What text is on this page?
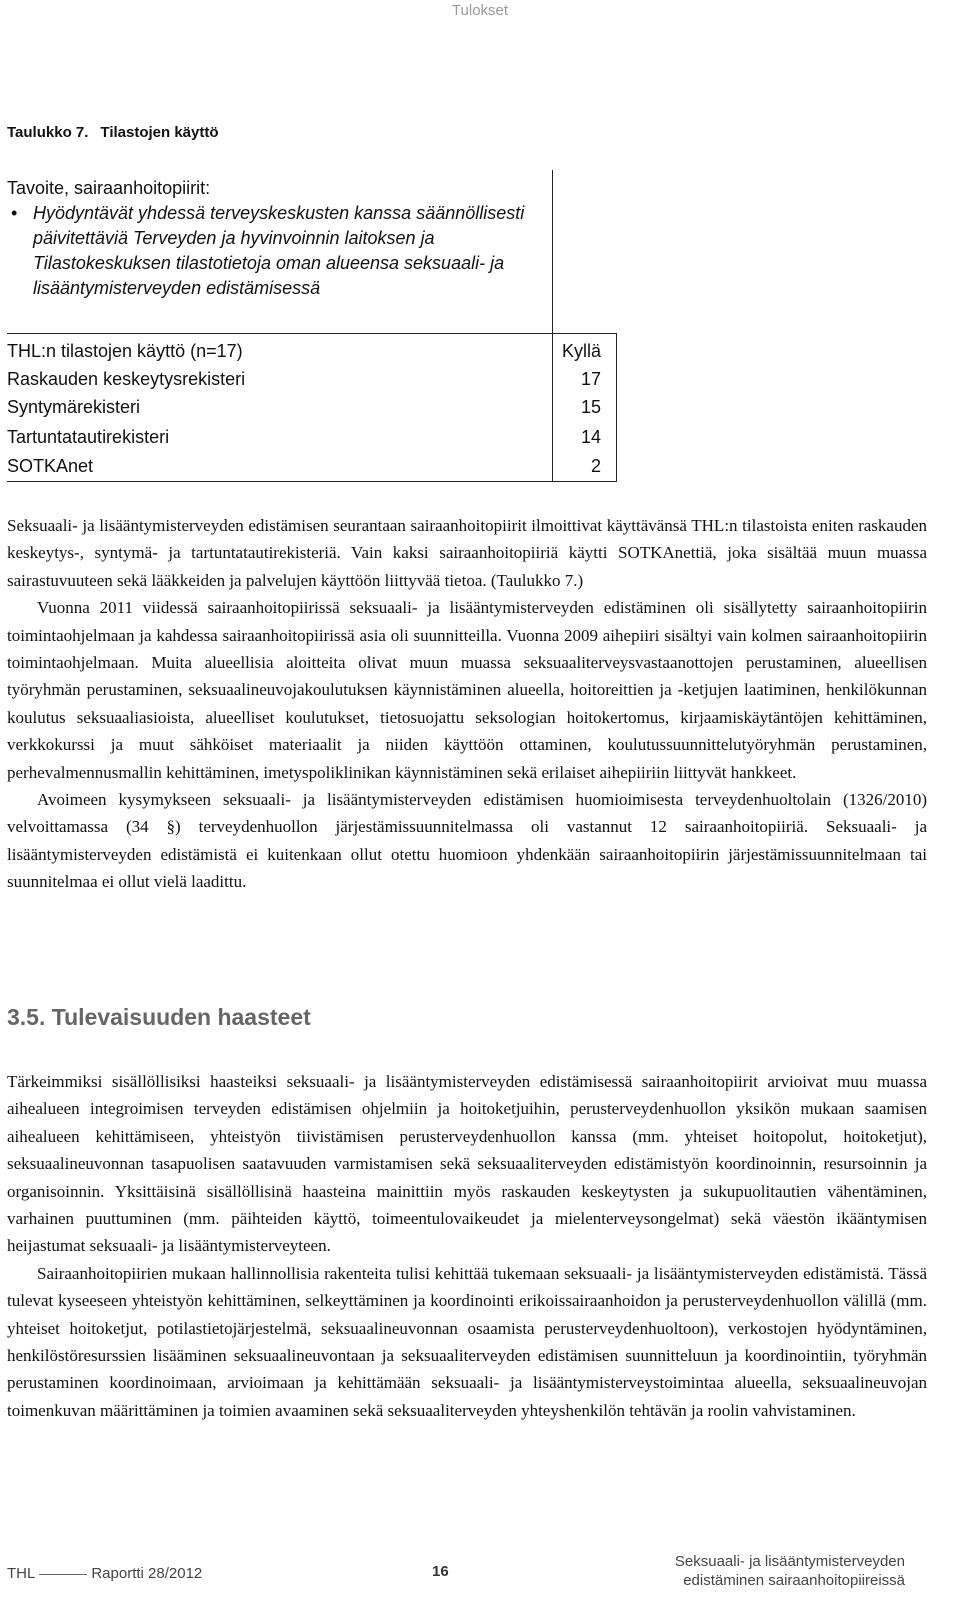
Tulokset
Taulukko 7. Tilastojen käyttö
Tavoite, sairaanhoitopiirit:
• Hyödyntävät yhdessä terveyskeskusten kanssa säännöllisesti päivitettäviä Terveyden ja hyvinvoinnin laitoksen ja Tilastokeskuksen tilastotietoja oman alueensa seksuaali- ja lisääntymisterveyden edistämisessä
THL:n tilastojen käyttö (n=17)	Kyllä
Raskauden keskeytysrekisteri	17
Syntymärekisteri	15
Tartuntatautirekisteri	14
SOTKAnet	2

Seksuaali- ja lisääntymisterveyden edistämisen seurantaan sairaanhoitopiirit ilmoittivat käyttävänsä THL:n tilastoista eniten raskauden keskeytys-, syntymä- ja tartuntatautirekisteriä. Vain kaksi sairaanhoitopiiriä käytti SOTKAnettiä, joka sisältää muun muassa sairastuvuuteen sekä lääkkeiden ja palvelujen käyttöön liittyvää tietoa. (Taulukko 7.)

Vuonna 2011 viidessä sairaanhoitopiirissä seksuaali- ja lisääntymisterveyden edistäminen oli sisällytetty sairaanhoitopiirin toimintaohjelmaan ja kahdessa sairaanhoitopiirissä asia oli suunnitteilla. Vuonna 2009 aihepiiri sisältyi vain kolmen sairaanhoitopiirin toimintaohjelmaan. Muita alueellisia aloitteita olivat muun muassa seksuaaliterveysvastaanottojen perustaminen, alueellisen työryhmän perustaminen, seksuaalineuvojakoulutuksen käynnistäminen alueella, hoitoreittien ja -ketjujen laatiminen, henkilökunnan koulutus seksuaaliasioista, alueelliset koulutukset, tietosuojattu seksologian hoitokertomus, kirjaamiskäytäntöjen kehittäminen, verkkokurssi ja muut sähköiset materiaalit ja niiden käyttöön ottaminen, koulutussuunnittelutyöryhmän perustaminen, perhevalmennusmallin kehittäminen, imetyspoliklinikan käynnistäminen sekä erilaiset aihepiiriin liittyvät hankkeet.

Avoimeen kysymykseen seksuaali- ja lisääntymisterveyden edistämisen huomioimisesta terveydenhuoltolain (1326/2010) velvoittamassa (34 §) terveydenhuollon järjestämissuunnitelmassa oli vastannut 12 sairaanhoitopiiriä. Seksuaali- ja lisääntymisterveyden edistämistä ei kuitenkaan ollut otettu huomioon yhdenkään sairaanhoitopiirin järjestämissuunnitelmaan tai suunnitelmaa ei ollut vielä laadittu.

3.5. Tulevaisuuden haasteet

Tärkeimmiksi sisällöllisiksi haasteiksi seksuaali- ja lisääntymisterveyden edistämisessä sairaanhoitopiirit arvioivat muu muassa aihealueen integroimisen terveyden edistämisen ohjelmiin ja hoitoketjuihin, perusterveydenhuollon yksikön mukaan saamisen aihealueen kehittämiseen, yhteistyön tiivistämisen perusterveydenhuollon kanssa (mm. yhteiset hoitopolut, hoitoketjut), seksuaalineuvonnan tasapuolisen saatavuuden varmistamisen sekä seksuaaliterveyden edistämistyön koordinoinnin, resursoinnin ja organisoinnin. Yksittäisinä sisällöllisinä haasteina mainittiin myös raskauden keskeytysten ja sukupuolitautien vähentäminen, varhainen puuttuminen (mm. päihteiden käyttö, toimeentulovaikeudet ja mielenterveysongelmat) sekä väestön ikääntymisen heijastumat seksuaali- ja lisääntymisterveyteen.

Sairaanhoitopiirien mukaan hallinnollisia rakenteita tulisi kehittää tukemaan seksuaali- ja lisääntymisterveyden edistämistä. Tässä tulevat kyseeseen yhteistyön kehittäminen, selkeyttäminen ja koordinointi erikoissairaanhoidon ja perusterveydenhuollon välillä (mm. yhteiset hoitoketjut, potilastietojärjestelmä, seksuaalineuvonnan osaamista perusterveydenhuoltoon), verkostojen hyödyntäminen, henkilöstöresurssien lisääminen seksuaalineuvontaan ja seksuaaliterveyden edistämisen suunnitteluun ja koordinointiin, työryhmän perustaminen koordinoimaan, arvioimaan ja kehittämään seksuaali- ja lisääntymisterveystoimintaa alueella, seksuaalineuvojan toimenkuvan määrittäminen ja toimien avaaminen sekä seksuaaliterveyden yhteyshenkilön tehtävän ja roolin vahvistaminen.

THL	Raportti 28/2012	16
Seksuaali- ja lisääntymisterveyden
edistäminen sairaanhoitopiireissä
